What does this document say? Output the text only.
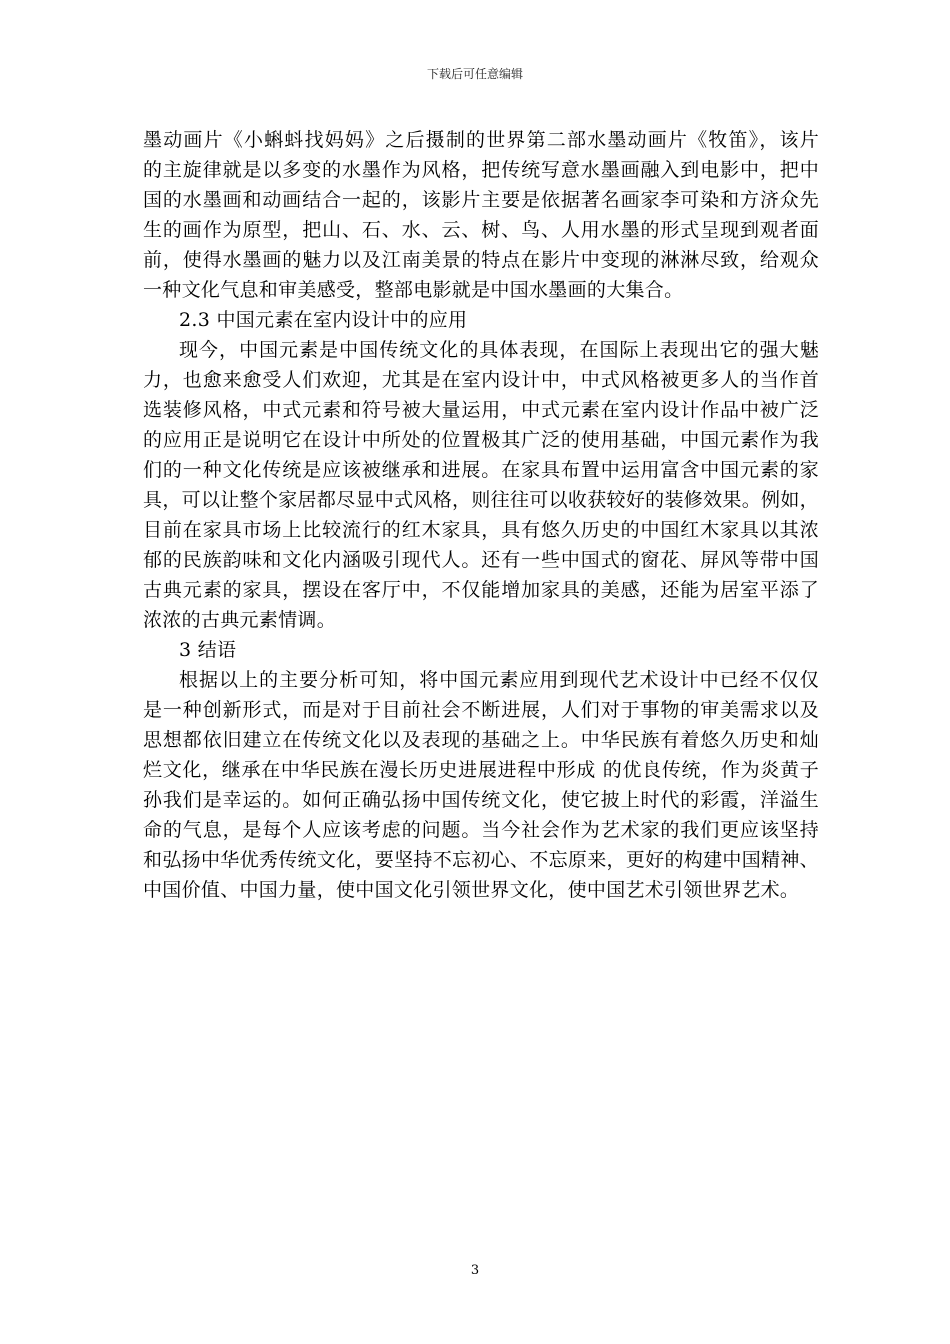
下载后可任意编辑
墨动画片《小蝌蚪找妈妈》之后摄制的世界第二部水墨动画片《牧笛》，该片
的主旋律就是以多变的水墨作为风格，把传统写意水墨画融入到电影中，把中
国的水墨画和动画结合一起的，该影片主要是依据著名画家李可染和方济众先
生的画作为原型，把山、石、水、云、树、鸟、人用水墨的形式呈现到观者面
前，使得水墨画的魅力以及江南美景的特点在影片中变现的淋淋尽致，给观众
一种文化气息和审美感受，整部电影就是中国水墨画的大集合。
2.3 中国元素在室内设计中的应用
现今，中国元素是中国传统文化的具体表现，在国际上表现出它的强大魅
力，也愈来愈受人们欢迎，尤其是在室内设计中，中式风格被更多人的当作首
选装修风格，中式元素和符号被大量运用，中式元素在室内设计作品中被广泛
的应用正是说明它在设计中所处的位置极其广泛的使用基础，中国元素作为我
们的一种文化传统是应该被继承和进展。在家具布置中运用富含中国元素的家
具，可以让整个家居都尽显中式风格，则往往可以收获较好的装修效果。例如，
目前在家具市场上比较流行的红木家具，具有悠久历史的中国红木家具以其浓
郁的民族韵味和文化内涵吸引现代人。还有一些中国式的窗花、屏风等带中国
古典元素的家具，摆设在客厅中，不仅能增加家具的美感，还能为居室平添了
浓浓的古典元素情调。
3 结语
根据以上的主要分析可知，将中国元素应用到现代艺术设计中已经不仅仅
是一种创新形式，而是对于目前社会不断进展，人们对于事物的审美需求以及
思想都依旧建立在传统文化以及表现的基础之上。中华民族有着悠久历史和灿
烂文化，继承在中华民族在漫长历史进展进程中形成 的优良传统，作为炎黄子
孙我们是幸运的。如何正确弘扬中国传统文化，使它披上时代的彩霞，洋溢生
命的气息，是每个人应该考虑的问题。当今社会作为艺术家的我们更应该坚持
和弘扬中华优秀传统文化，要坚持不忘初心、不忘原来，更好的构建中国精神、
中国价值、中国力量，使中国文化引领世界文化，使中国艺术引领世界艺术。
3
